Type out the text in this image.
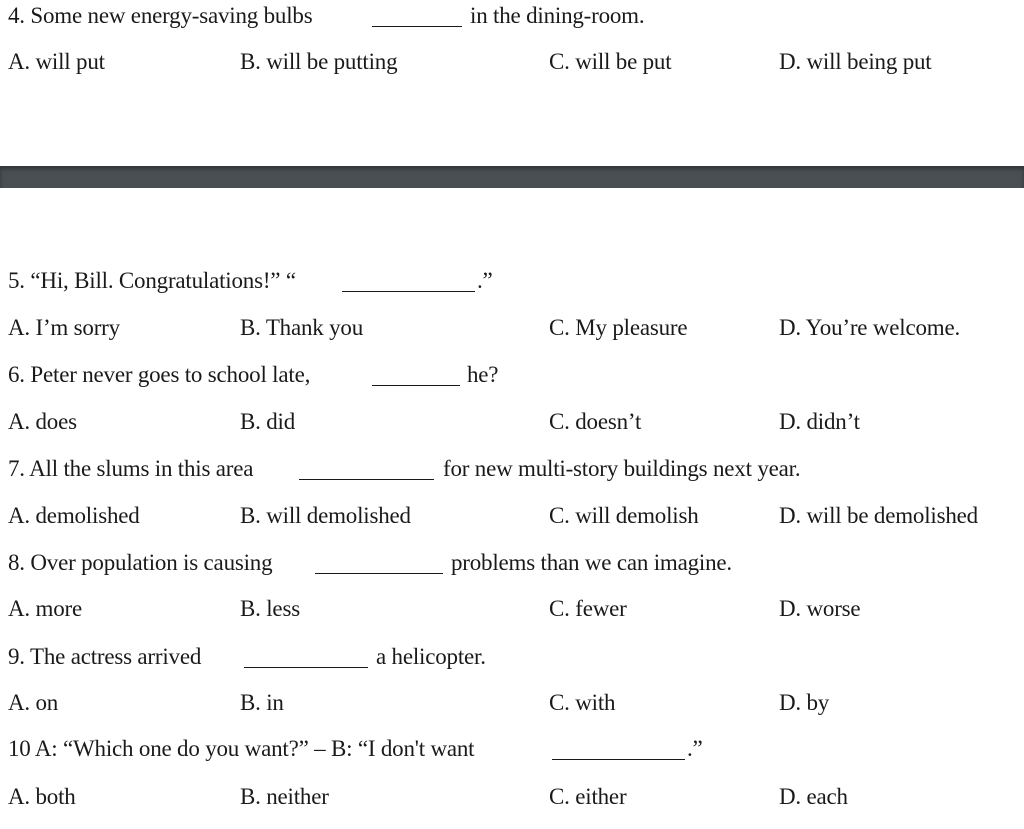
4. Some new energy-saving bulbs	in the dining-room.
A. will put	B. will be putting	C. will be put	D. will being put
5. “Hi, Bill. Congratulations!” “	.”
A. I’m sorry	B. Thank you	C. My pleasure	D. You’re welcome.
6. Peter never goes to school late,	he?
A. does	B. did	C. doesn’t	D. didn’t
7. All the slums in this area	for new multi-story buildings next year.
A. demolished	B. will demolished	C. will demolish	D. will be demolished
8. Over population is causing	problems than we can imagine.
A. more	B. less	C. fewer	D. worse
9. The actress arrived	a helicopter.
A. on	B. in	C. with	D. by
10 A: “Which one do you want?” – B: “I don't want	.”
A. both	B. neither	C. either	D. each
